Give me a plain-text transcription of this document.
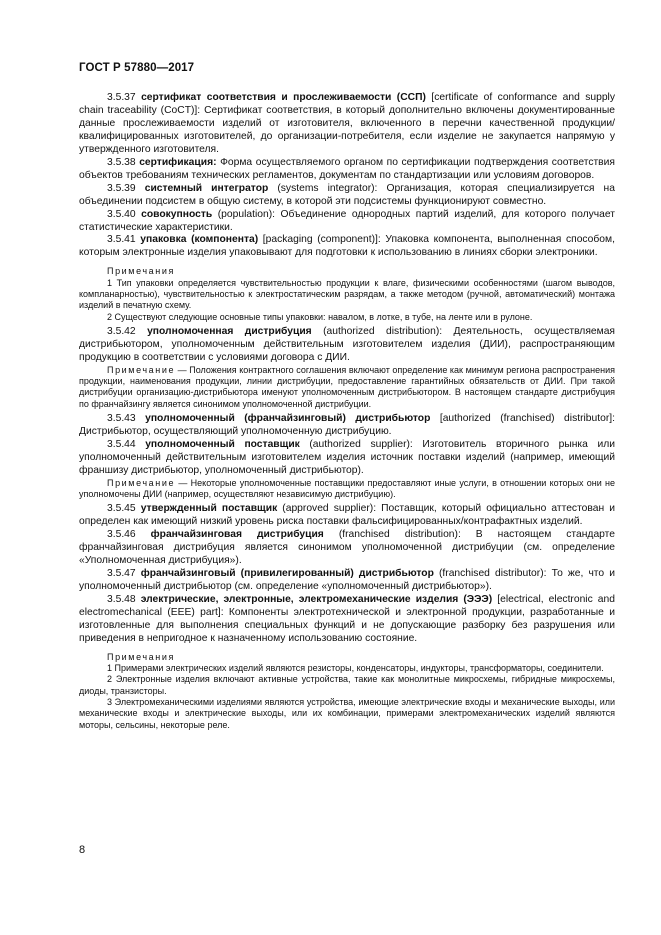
ГОСТ Р 57880—2017

3.5.37 сертификат соответствия и прослеживаемости (ССП) [certificate of conformance and supply chain traceability (CoCT)]: Сертификат соответствия, в который дополнительно включены документированные данные прослеживаемости изделий от изготовителя, включенного в перечни качественной продукции/квалифицированных изготовителей, до организации-потребителя, если изделие не закупается напрямую у утвержденного изготовителя.

3.5.38 сертификация: Форма осуществляемого органом по сертификации подтверждения соответствия объектов требованиям технических регламентов, документам по стандартизации или условиям договоров.

3.5.39 системный интегратор (systems integrator): Организация, которая специализируется на объединении подсистем в общую систему, в которой эти подсистемы функционируют совместно.

3.5.40 совокупность (population): Объединение однородных партий изделий, для которого получает статистические характеристики.

3.5.41 упаковка (компонента) [packaging (component)]: Упаковка компонента, выполненная способом, которым электронные изделия упаковывают для подготовки к использованию в линиях сборки электроники.

Примечания

1 Тип упаковки определяется чувствительностью продукции к влаге, физическими особенностями (шагом выводов, компланарностью), чувствительностью к электростатическим разрядам, а также методом (ручной, автоматический) монтажа изделий в печатную схему.

2 Существуют следующие основные типы упаковки: навалом, в лотке, в тубе, на ленте или в рулоне.

3.5.42 уполномоченная дистрибуция (authorized distribution): Деятельность, осуществляемая дистрибьютором, уполномоченным действительным изготовителем изделия (ДИИ), распространяющим продукцию в соответствии с условиями договора с ДИИ.

Примечание — Положения контрактного соглашения включают определение как минимум региона распространения продукции, наименования продукции, линии дистрибуции, предоставление гарантийных обязательств от ДИИ. При такой дистрибуции организацию-дистрибьютора именуют уполномоченным дистрибьютором. В настоящем стандарте дистрибуция по франчайзингу является синонимом уполномоченной дистрибуции.

3.5.43 уполномоченный (франчайзинговый) дистрибьютор [authorized (franchised) distributor]: Дистрибьютор, осуществляющий уполномоченную дистрибуцию.

3.5.44 уполномоченный поставщик (authorized supplier): Изготовитель вторичного рынка или уполномоченный действительным изготовителем изделия источник поставки изделий (например, имеющий франшизу дистрибьютор, уполномоченный дистрибьютор).

Примечание — Некоторые уполномоченные поставщики предоставляют иные услуги, в отношении которых они не уполномочены ДИИ (например, осуществляют независимую дистрибуцию).

3.5.45 утвержденный поставщик (approved supplier): Поставщик, который официально аттестован и определен как имеющий низкий уровень риска поставки фальсифицированных/контрафактных изделий.

3.5.46 франчайзинговая дистрибуция (franchised distribution): В настоящем стандарте франчайзинговая дистрибуция является синонимом уполномоченной дистрибуции (см. определение «Уполномоченная дистрибуция»).

3.5.47 франчайзинговый (привилегированный) дистрибьютор (franchised distributor): То же, что и уполномоченный дистрибьютор (см. определение «уполномоченный дистрибьютор»).

3.5.48 электрические, электронные, электромеханические изделия (ЭЭЭ) [electrical, electronic and electromechanical (EEE) part]: Компоненты электротехнической и электронной продукции, разработанные и изготовленные для выполнения специальных функций и не допускающие разборку без разрушения или приведения в непригодное к назначенному использованию состояние.

Примечания

1 Примерами электрических изделий являются резисторы, конденсаторы, индукторы, трансформаторы, соединители.

2 Электронные изделия включают активные устройства, такие как монолитные микросхемы, гибридные микросхемы, диоды, транзисторы.

3 Электромеханическими изделиями являются устройства, имеющие электрические входы и механические выходы, или механические входы и электрические выходы, или их комбинации, примерами электромеханических изделий являются моторы, сельсины, некоторые реле.

8
